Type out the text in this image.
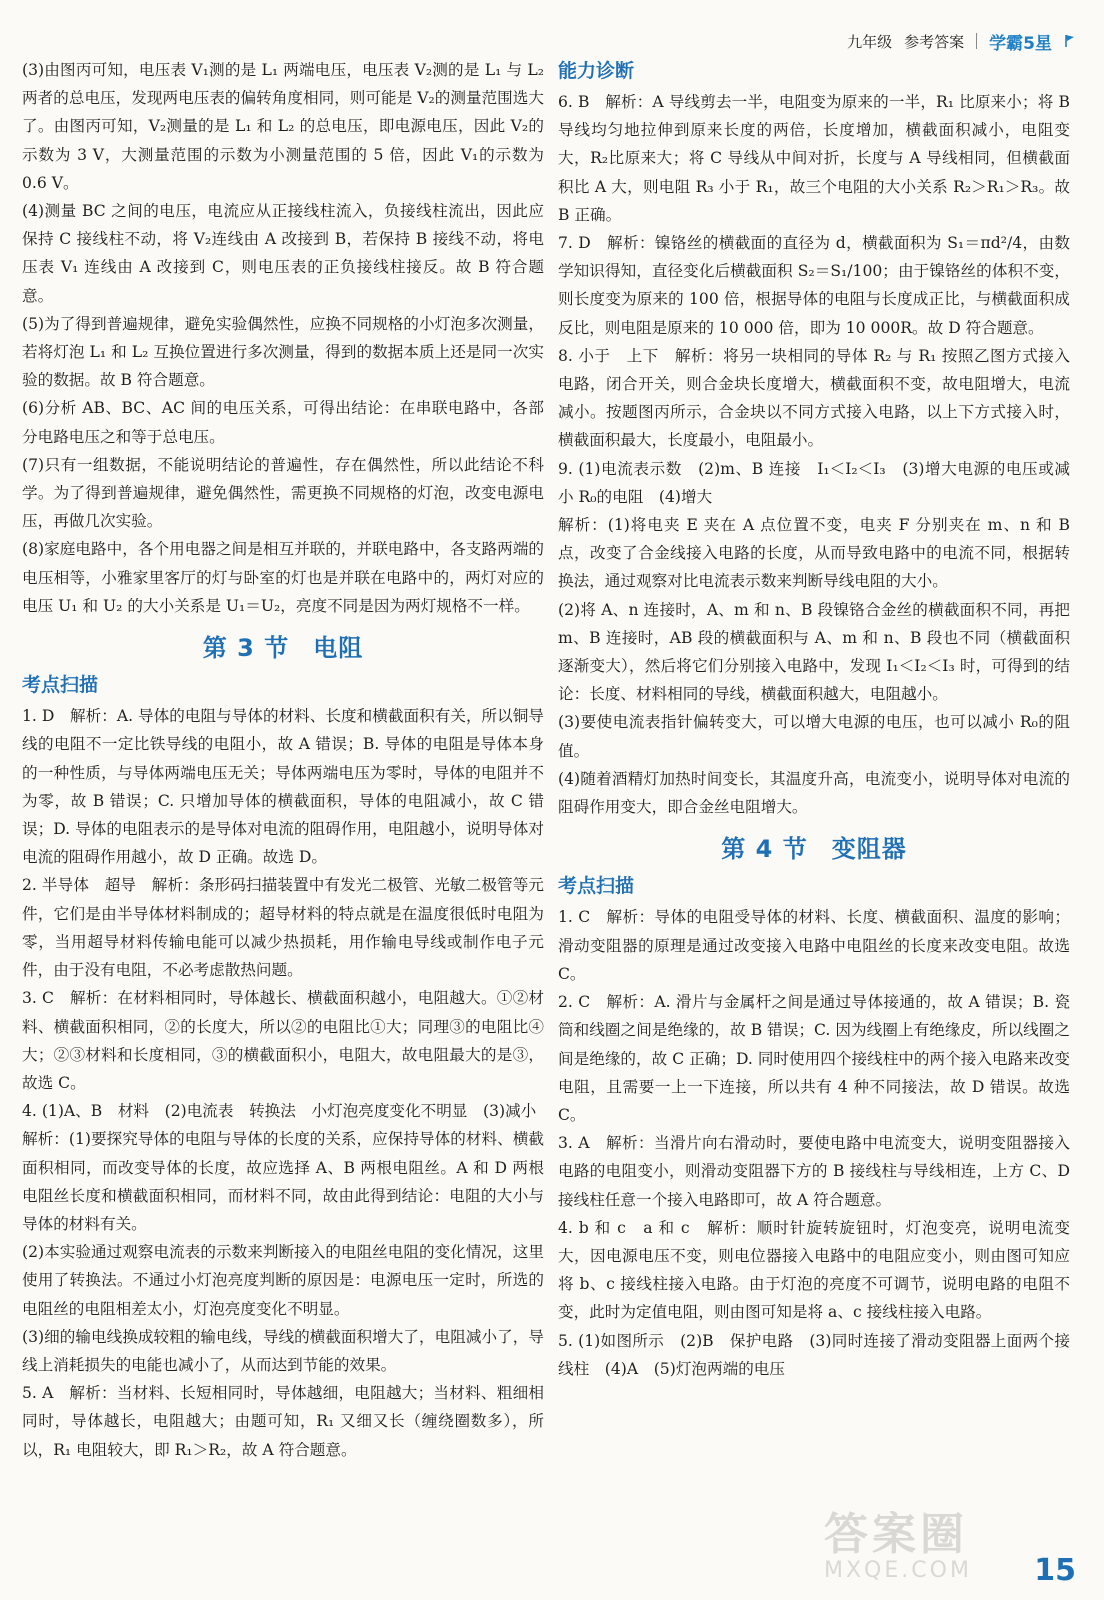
九年级 参考答案 学霸5星

(3)由图丙可知，电压表 V₁测的是 L₁ 两端电压，电压表 V₂测的是 L₁ 与 L₂ 两者的总电压，发现两电压表的偏转角度相同，则可能是 V₂的测量范围选大了。由图丙可知，V₂测量的是 L₁ 和 L₂ 的总电压，即电源电压，因此 V₂的示数为 3 V，大测量范围的示数为小测量范围的 5 倍，因此 V₁的示数为 0.6 V。

(4)测量 BC 之间的电压，电流应从正接线柱流入，负接线柱流出，因此应保持 C 接线柱不动，将 V₂连线由 A 改接到 B，若保持 B 接线不动，将电压表 V₁ 连线由 A 改接到 C，则电压表的正负接线柱接反。故 B 符合题意。

(5)为了得到普遍规律，避免实验偶然性，应换不同规格的小灯泡多次测量，若将灯泡 L₁ 和 L₂ 互换位置进行多次测量，得到的数据本质上还是同一次实验的数据。故 B 符合题意。

(6)分析 AB、BC、AC 间的电压关系，可得出结论：在串联电路中，各部分电路电压之和等于总电压。

(7)只有一组数据，不能说明结论的普遍性，存在偶然性，所以此结论不科学。为了得到普遍规律，避免偶然性，需更换不同规格的灯泡，改变电源电压，再做几次实验。

(8)家庭电路中，各个用电器之间是相互并联的，并联电路中，各支路两端的电压相等，小雅家里客厅的灯与卧室的灯也是并联在电路中的，两灯对应的电压 U₁ 和 U₂ 的大小关系是 U₁＝U₂，亮度不同是因为两灯规格不一样。

第 3 节 电阻
考点扫描

1. D　解析：A. 导体的电阻与导体的材料、长度和横截面积有关，所以铜导线的电阻不一定比铁导线的电阻小，故 A 错误；B. 导体的电阻是导体本身的一种性质，与导体两端电压无关；导体两端电压为零时，导体的电阻并不为零，故 B 错误；C. 只增加导体的横截面积，导体的电阻减小，故 C 错误；D. 导体的电阻表示的是导体对电流的阻碍作用，电阻越小，说明导体对电流的阻碍作用越小，故 D 正确。故选 D。

2. 半导体　超导　解析：条形码扫描装置中有发光二极管、光敏二极管等元件，它们是由半导体材料制成的；超导材料的特点就是在温度很低时电阻为零，当用超导材料传输电能可以减少热损耗，用作输电导线或制作电子元件，由于没有电阻，不必考虑散热问题。

3. C　解析：在材料相同时，导体越长、横截面积越小，电阻越大。①②材料、横截面积相同，②的长度大，所以②的电阻比①大；同理③的电阻比④大；②③材料和长度相同，③的横截面积小，电阻大，故电阻最大的是③，故选 C。

4. (1)A、B　材料　(2)电流表　转换法　小灯泡亮度变化不明显　(3)减小

解析：(1)要探究导体的电阻与导体的长度的关系，应保持导体的材料、横截面积相同，而改变导体的长度，故应选择 A、B 两根电阻丝。A 和 D 两根电阻丝长度和横截面积相同，而材料不同，故由此得到结论：电阻的大小与导体的材料有关。

(2)本实验通过观察电流表的示数来判断接入的电阻丝电阻的变化情况，这里使用了转换法。不通过小灯泡亮度判断的原因是：电源电压一定时，所选的电阻丝的电阻相差太小，灯泡亮度变化不明显。

(3)细的输电线换成较粗的输电线，导线的横截面积增大了，电阻减小了，导线上消耗损失的电能也减小了，从而达到节能的效果。

5. A　解析：当材料、长短相同时，导体越细，电阻越大；当材料、粗细相同时，导体越长，电阻越大；由题可知，R₁ 又细又长（缠绕圈数多），所以，R₁ 电阻较大，即 R₁＞R₂，故 A 符合题意。

能力诊断

6. B　解析：A 导线剪去一半，电阻变为原来的一半，R₁ 比原来小；将 B 导线均匀地拉伸到原来长度的两倍，长度增加，横截面积减小，电阻变大，R₂比原来大；将 C 导线从中间对折，长度与 A 导线相同，但横截面积比 A 大，则电阻 R₃ 小于 R₁，故三个电阻的大小关系 R₂＞R₁＞R₃。故 B 正确。

7. D　解析：镍铬丝的横截面的直径为 d，横截面积为 S₁＝πd²/4，由数学知识得知，直径变化后横截面积 S₂＝S₁/100；由于镍铬丝的体积不变，则长度变为原来的 100 倍，根据导体的电阻与长度成正比，与横截面积成反比，则电阻是原来的 10 000 倍，即为 10 000R。故 D 符合题意。

8. 小于　上下　解析：将另一块相同的导体 R₂ 与 R₁ 按照乙图方式接入电路，闭合开关，则合金块长度增大，横截面积不变，故电阻增大，电流减小。按题图丙所示，合金块以不同方式接入电路，以上下方式接入时，横截面积最大，长度最小，电阻最小。

9. (1)电流表示数　(2)m、B 连接　I₁＜I₂＜I₃　(3)增大电源的电压或减小 R₀的电阻　(4)增大

解析：(1)将电夹 E 夹在 A 点位置不变，电夹 F 分别夹在 m、n 和 B 点，改变了合金线接入电路的长度，从而导致电路中的电流不同，根据转换法，通过观察对比电流表示数来判断导线电阻的大小。

(2)将 A、n 连接时，A、m 和 n、B 段镍铬合金丝的横截面积不同，再把 m、B 连接时，AB 段的横截面积与 A、m 和 n、B 段也不同（横截面积逐渐变大），然后将它们分别接入电路中，发现 I₁＜I₂＜I₃ 时，可得到的结论：长度、材料相同的导线，横截面积越大，电阻越小。

(3)要使电流表指针偏转变大，可以增大电源的电压，也可以减小 R₀的阻值。

(4)随着酒精灯加热时间变长，其温度升高，电流变小，说明导体对电流的阻碍作用变大，即合金丝电阻增大。

第 4 节 变阻器
考点扫描

1. C　解析：导体的电阻受导体的材料、长度、横截面积、温度的影响；滑动变阻器的原理是通过改变接入电路中电阻丝的长度来改变电阻。故选 C。

2. C　解析：A. 滑片与金属杆之间是通过导体接通的，故 A 错误；B. 瓷筒和线圈之间是绝缘的，故 B 错误；C. 因为线圈上有绝缘皮，所以线圈之间是绝缘的，故 C 正确；D. 同时使用四个接线柱中的两个接入电路来改变电阻，且需要一上一下连接，所以共有 4 种不同接法，故 D 错误。故选 C。

3. A　解析：当滑片向右滑动时，要使电路中电流变大，说明变阻器接入电路的电阻变小，则滑动变阻器下方的 B 接线柱与导线相连，上方 C、D 接线柱任意一个接入电路即可，故 A 符合题意。

4. b 和 c　a 和 c　解析：顺时针旋转旋钮时，灯泡变亮，说明电流变大，因电源电压不变，则电位器接入电路中的电阻应变小，则由图可知应将 b、c 接线柱接入电路。由于灯泡的亮度不可调节，说明电路的电阻不变，此时为定值电阻，则由图可知是将 a、c 接线柱接入电路。

5. (1)如图所示　(2)B　保护电路　(3)同时连接了滑动变阻器上面两个接线柱　(4)A　(5)灯泡两端的电压

答案圈
MXQE.COM	15
